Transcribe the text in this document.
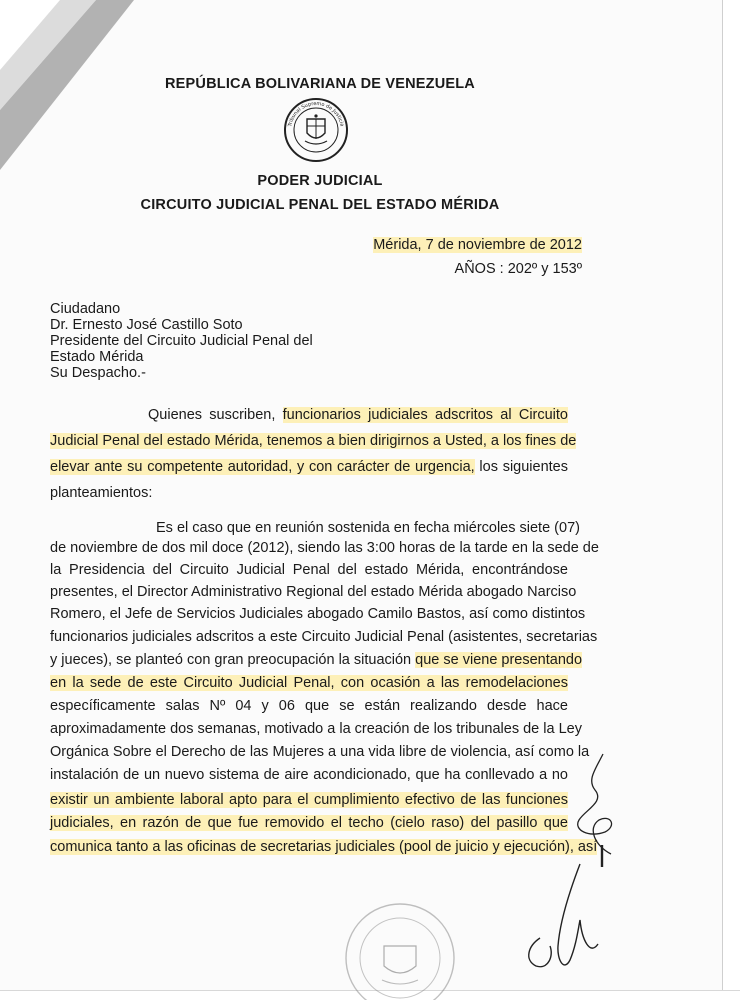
REPÚBLICA BOLIVARIANA DE VENEZUELA
Tribunal Supremo de Justicia
PODER JUDICIAL
CIRCUITO JUDICIAL PENAL DEL ESTADO MÉRIDA
Mérida, 7 de noviembre de 2012
AÑOS : 202º y 153º
Ciudadano
Dr. Ernesto José Castillo Soto
Presidente del Circuito Judicial Penal del
Estado Mérida
Su Despacho.-
Quienes suscriben, funcionarios judiciales adscritos al Circuito
Judicial Penal del estado Mérida, tenemos a bien dirigirnos a Usted, a los fines de
elevar ante su competente autoridad, y con carácter de urgencia, los siguientes
planteamientos:
Es el caso que en reunión sostenida en fecha miércoles siete (07)
de noviembre de dos mil doce (2012), siendo las 3:00 horas de la tarde en la sede de
la Presidencia del Circuito Judicial Penal del estado Mérida, encontrándose
presentes, el Director Administrativo Regional del estado Mérida abogado Narciso
Romero, el Jefe de Servicios Judiciales abogado Camilo Bastos, así como distintos
funcionarios judiciales adscritos a este Circuito Judicial Penal (asistentes, secretarias
y jueces), se planteó con gran preocupación la situación que se viene presentando
en la sede de este Circuito Judicial Penal, con ocasión a las remodelaciones
específicamente salas Nº 04 y 06 que se están realizando desde hace
aproximadamente dos semanas, motivado a la creación de los tribunales de la Ley
Orgánica Sobre el Derecho de las Mujeres a una vida libre de violencia, así como la
instalación de un nuevo sistema de aire acondicionado, que ha conllevado a no
existir un ambiente laboral apto para el cumplimiento efectivo de las funciones
judiciales, en razón de que fue removido el techo (cielo raso) del pasillo que
comunica tanto a las oficinas de secretarias judiciales (pool de juicio y ejecución), así
